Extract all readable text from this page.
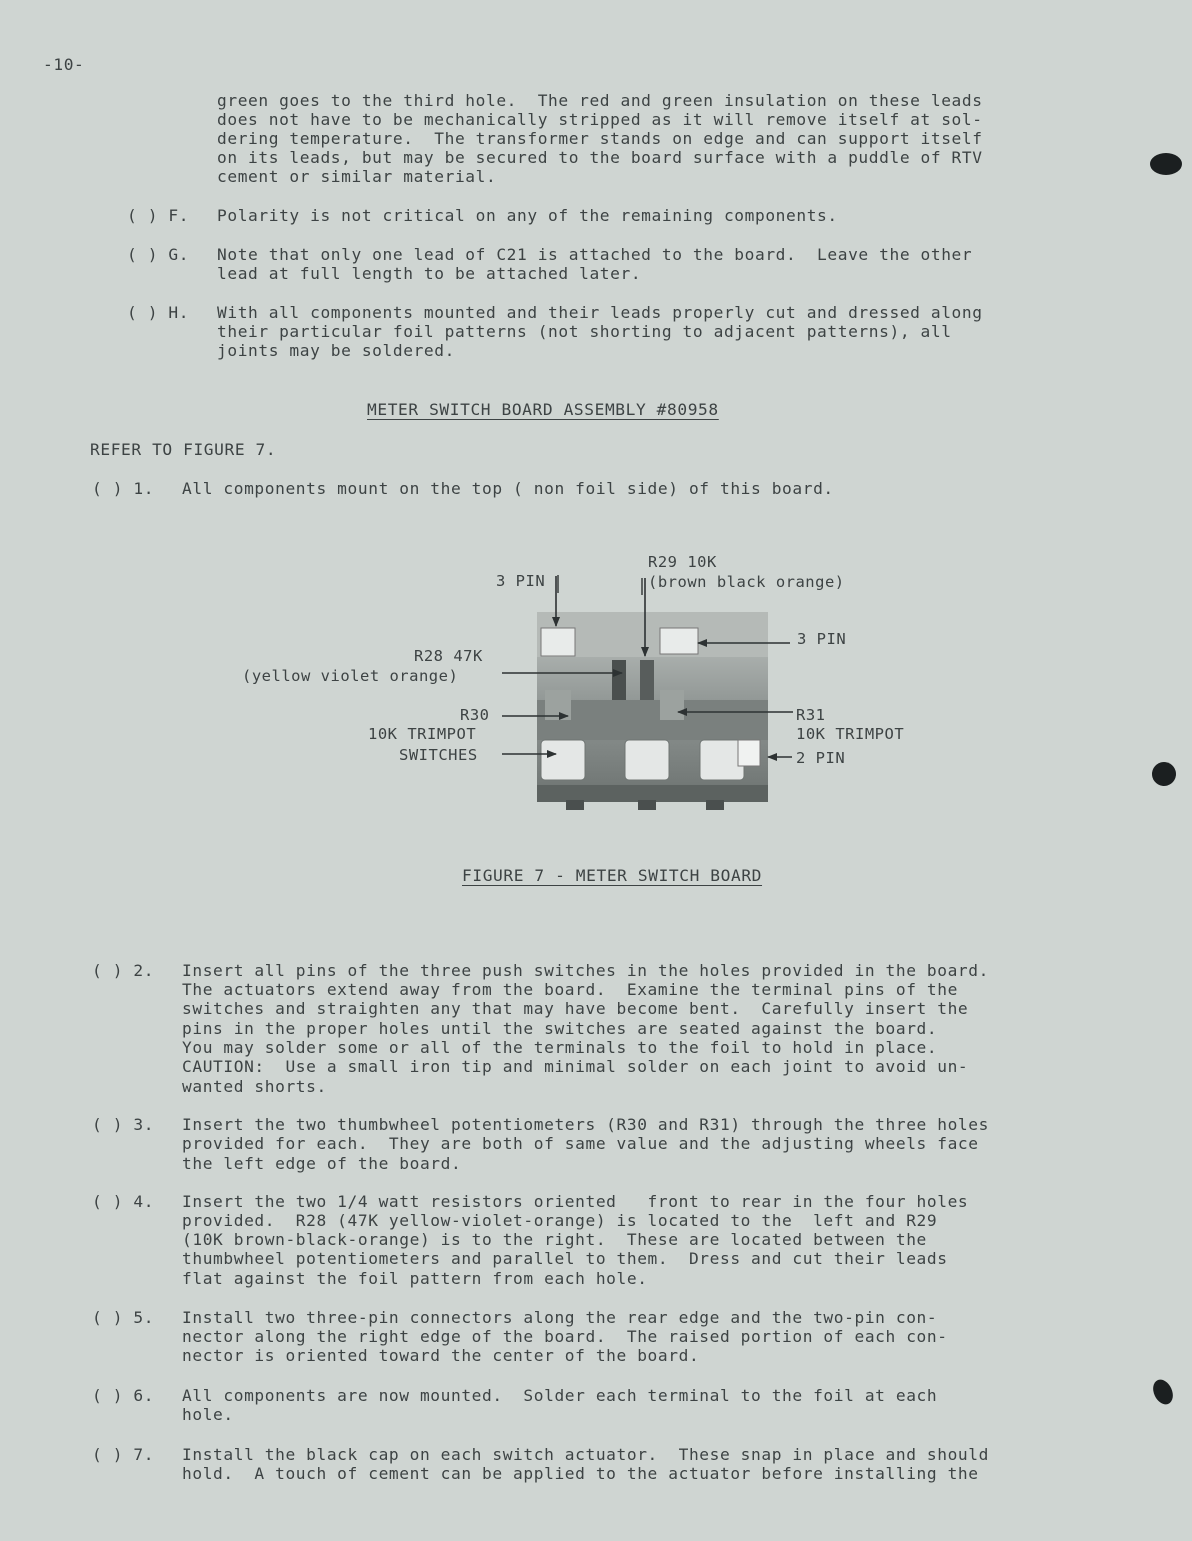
-10-
green goes to the third hole.  The red and green insulation on these leads
does not have to be mechanically stripped as it will remove itself at sol-
dering temperature.  The transformer stands on edge and can support itself
on its leads, but may be secured to the board surface with a puddle of RTV
cement or similar material.
( ) F. Polarity is not critical on any of the remaining components.
( ) G. Note that only one lead of C21 is attached to the board.  Leave the other
lead at full length to be attached later.
( ) H. With all components mounted and their leads properly cut and dressed along
their particular foil patterns (not shorting to adjacent patterns), all
joints may be soldered.
METER SWITCH BOARD ASSEMBLY #80958
REFER TO FIGURE 7.
( ) 1. All components mount on the top ( non foil side) of this board.
3 PIN
R29 10K
(brown black orange)
3 PIN
R28 47K
(yellow violet orange)
R30
10K TRIMPOT
SWITCHES
R31
10K TRIMPOT
2 PIN
FIGURE 7 - METER SWITCH BOARD
( ) 2. Insert all pins of the three push switches in the holes provided in the board.
The actuators extend away from the board.  Examine the terminal pins of the
switches and straighten any that may have become bent.  Carefully insert the
pins in the proper holes until the switches are seated against the board.
You may solder some or all of the terminals to the foil to hold in place.
CAUTION:  Use a small iron tip and minimal solder on each joint to avoid un-
wanted shorts.
( ) 3. Insert the two thumbwheel potentiometers (R30 and R31) through the three holes
provided for each.  They are both of same value and the adjusting wheels face
the left edge of the board.
( ) 4. Insert the two 1/4 watt resistors oriented   front to rear in the four holes
provided.  R28 (47K yellow-violet-orange) is located to the  left and R29
(10K brown-black-orange) is to the right.  These are located between the
thumbwheel potentiometers and parallel to them.  Dress and cut their leads
flat against the foil pattern from each hole.
( ) 5. Install two three-pin connectors along the rear edge and the two-pin con-
nector along the right edge of the board.  The raised portion of each con-
nector is oriented toward the center of the board.
( ) 6. All components are now mounted.  Solder each terminal to the foil at each
hole.
( ) 7. Install the black cap on each switch actuator.  These snap in place and should
hold.  A touch of cement can be applied to the actuator before installing the
